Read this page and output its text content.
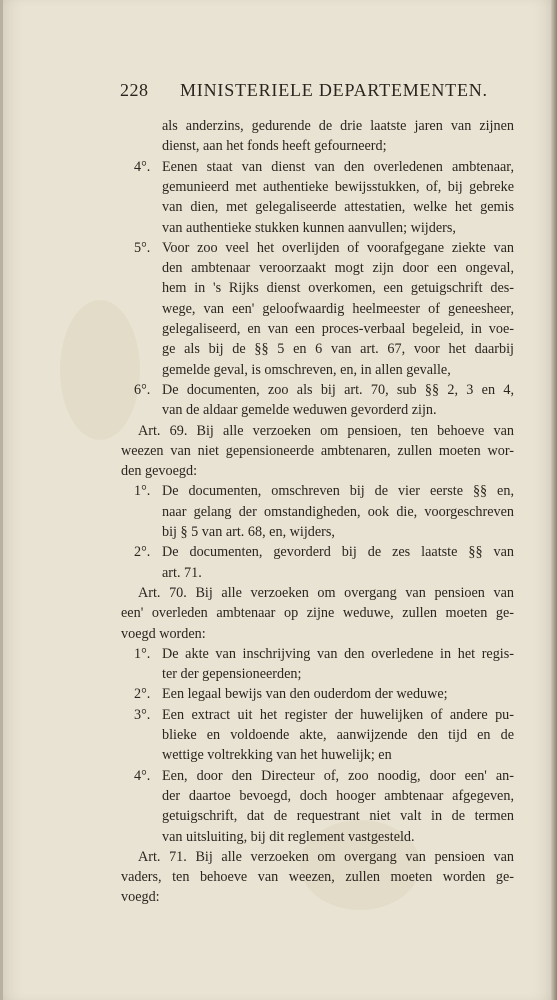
228 MINISTERIELE DEPARTEMENTEN.
als anderzins, gedurende de drie laatste jaren van zijnen
dienst, aan het fonds heeft gefourneerd;
4°. Eenen staat van dienst van den overledenen ambtenaar,
gemunieerd met authentieke bewijsstukken, of, bij gebreke
van dien, met gelegaliseerde attestatien, welke het gemis
van authentieke stukken kunnen aanvullen; wijders,
5°. Voor zoo veel het overlijden of voorafgegane ziekte van
den ambtenaar veroorzaakt mogt zijn door een ongeval,
hem in 's Rijks dienst overkomen, een getuigschrift des-
wege, van een' geloofwaardig heelmeester of geneesheer,
gelegaliseerd, en van een proces-verbaal begeleid, in voe-
ge als bij de §§ 5 en 6 van art. 67, voor het daarbij
gemelde geval, is omschreven, en, in allen gevalle,
6°. De documenten, zoo als bij art. 70, sub §§ 2, 3 en 4,
van de aldaar gemelde weduwen gevorderd zijn.
Art. 69. Bij alle verzoeken om pensioen, ten behoeve van
weezen van niet gepensioneerde ambtenaren, zullen moeten wor-
den gevoegd:
1°. De documenten, omschreven bij de vier eerste §§ en,
naar gelang der omstandigheden, ook die, voorgeschreven
bij § 5 van art. 68, en, wijders,
2°. De documenten, gevorderd bij de zes laatste §§ van
art. 71.
Art. 70. Bij alle verzoeken om overgang van pensioen van
een' overleden ambtenaar op zijne weduwe, zullen moeten ge-
voegd worden:
1°. De akte van inschrijving van den overledene in het regis-
ter der gepensioneerden;
2°. Een legaal bewijs van den ouderdom der weduwe;
3°. Een extract uit het register der huwelijken of andere pu-
blieke en voldoende akte, aanwijzende den tijd en de
wettige voltrekking van het huwelijk; en
4°. Een, door den Directeur of, zoo noodig, door een' an-
der daartoe bevoegd, doch hooger ambtenaar afgegeven,
getuigschrift, dat de requestrant niet valt in de termen
van uitsluiting, bij dit reglement vastgesteld.
Art. 71. Bij alle verzoeken om overgang van pensioen van
vaders, ten behoeve van weezen, zullen moeten worden ge-
voegd:
